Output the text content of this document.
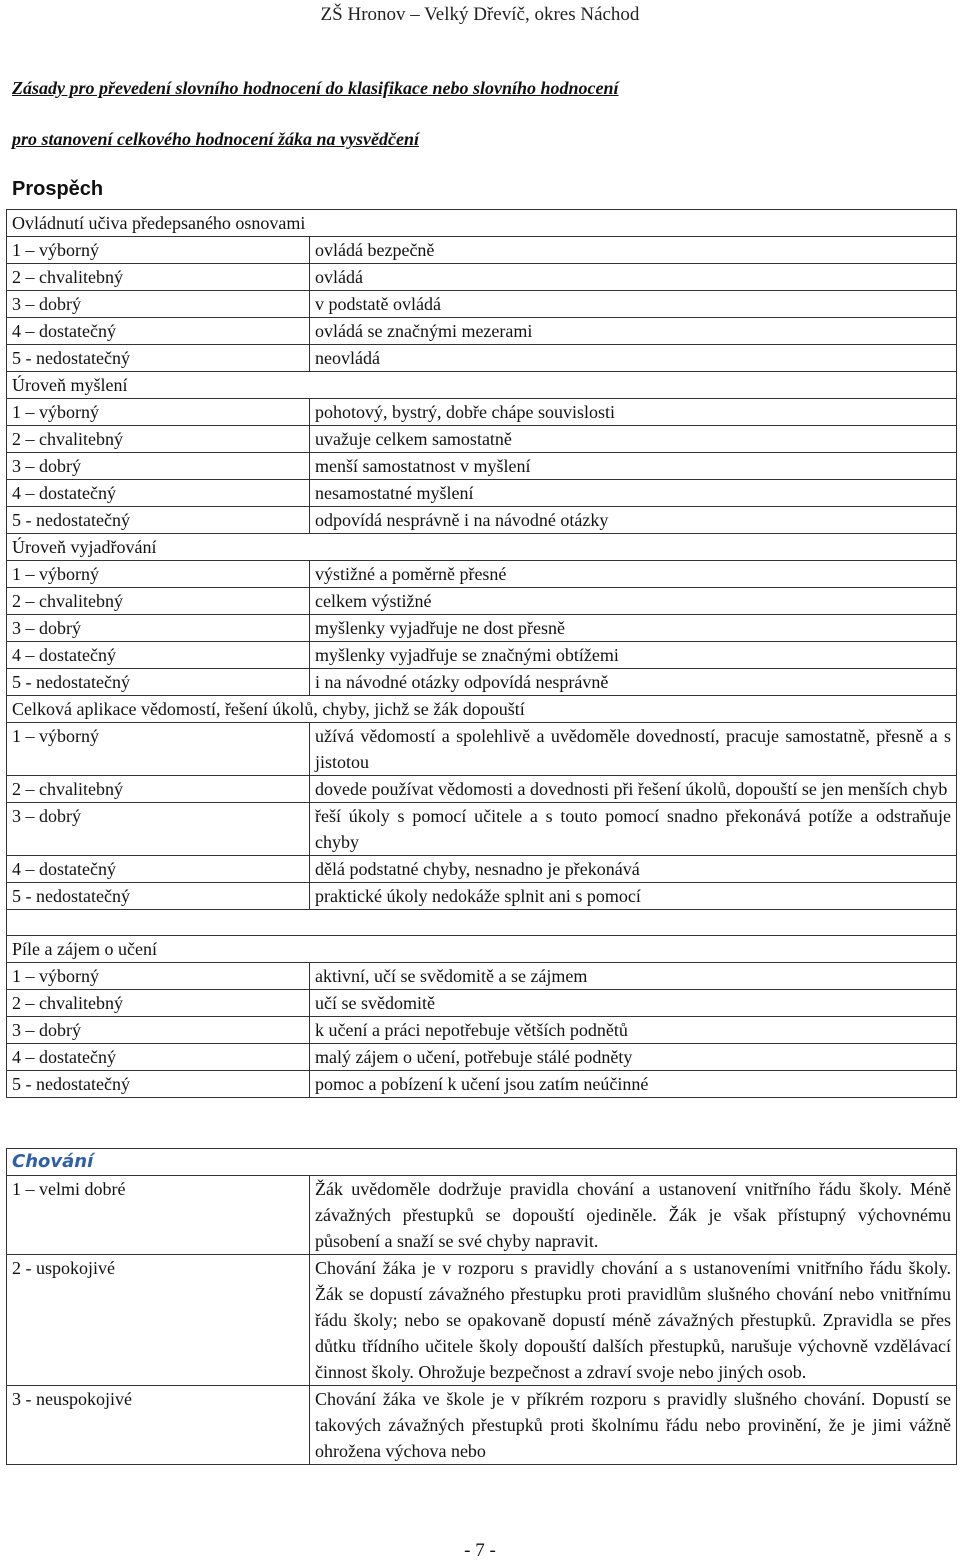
ZŠ Hronov – Velký Dřevíč, okres Náchod
Zásady pro převedení slovního hodnocení do klasifikace nebo slovního hodnocení
pro stanovení celkového hodnocení žáka na vysvědčení
Prospěch
Ovládnutí učiva předepsaného osnovami	
1 – výborný	ovládá bezpečně
2 – chvalitebný	ovládá
3 – dobrý	v podstatě ovládá
4 – dostatečný	ovládá se značnými mezerami
5 - nedostatečný	neovládá
Úroveň myšlení	
1 – výborný	pohotový, bystrý, dobře chápe souvislosti
2 – chvalitebný	uvažuje celkem samostatně
3 – dobrý	menší samostatnost v myšlení
4 – dostatečný	nesamostatné myšlení
5 - nedostatečný	odpovídá nesprávně i na návodné otázky
Úroveň vyjadřování	
1 – výborný	výstižné a poměrně přesné
2 – chvalitebný	celkem výstižné
3 – dobrý	myšlenky vyjadřuje ne dost přesně
4 – dostatečný	myšlenky vyjadřuje se značnými obtížemi
5 - nedostatečný	i na návodné otázky odpovídá nesprávně
Celková aplikace vědomostí, řešení úkolů, chyby, jichž se žák dopouští	
1 – výborný	užívá vědomostí a spolehlivě a uvědoměle dovedností, pracuje samostatně, přesně a s jistotou
2 – chvalitebný	dovede používat vědomosti a dovednosti při řešení úkolů, dopouští se jen menších chyb
3 – dobrý	řeší úkoly s pomocí učitele a s touto pomocí snadno překonává potíže a odstraňuje chyby
4 – dostatečný	dělá podstatné chyby, nesnadno je překonává
5 - nedostatečný	praktické úkoly nedokáže splnit ani s pomocí

Píle a zájem o učení	
1 – výborný	aktivní, učí se svědomitě a se zájmem
2 – chvalitebný	učí se svědomitě
3 – dobrý	k učení a práci nepotřebuje větších podnětů
4 – dostatečný	malý zájem o učení, potřebuje stálé podněty
5 - nedostatečný	pomoc a pobízení k učení jsou zatím neúčinné
Chování	
1 – velmi dobré	Žák uvědoměle dodržuje pravidla chování a ustanovení vnitřního řádu školy. Méně závažných přestupků se dopouští ojediněle. Žák je však přístupný výchovnému působení a snaží se své chyby napravit.
2 - uspokojivé	Chování žáka je v rozporu s pravidly chování a s ustanoveními vnitřního řádu školy. Žák se dopustí závažného přestupku proti pravidlům slušného chování nebo vnitřnímu řádu školy; nebo se opakovaně dopustí méně závažných přestupků. Zpravidla se přes důtku třídního učitele školy dopouští dalších přestupků, narušuje výchovně vzdělávací činnost školy. Ohrožuje bezpečnost a zdraví svoje nebo jiných osob.
3 - neuspokojivé	Chování žáka ve škole je v příkrém rozporu s pravidly slušného chování. Dopustí se takových závažných přestupků proti školnímu řádu nebo provinění, že je jimi vážně ohrožena výchova nebo
- 7 -
